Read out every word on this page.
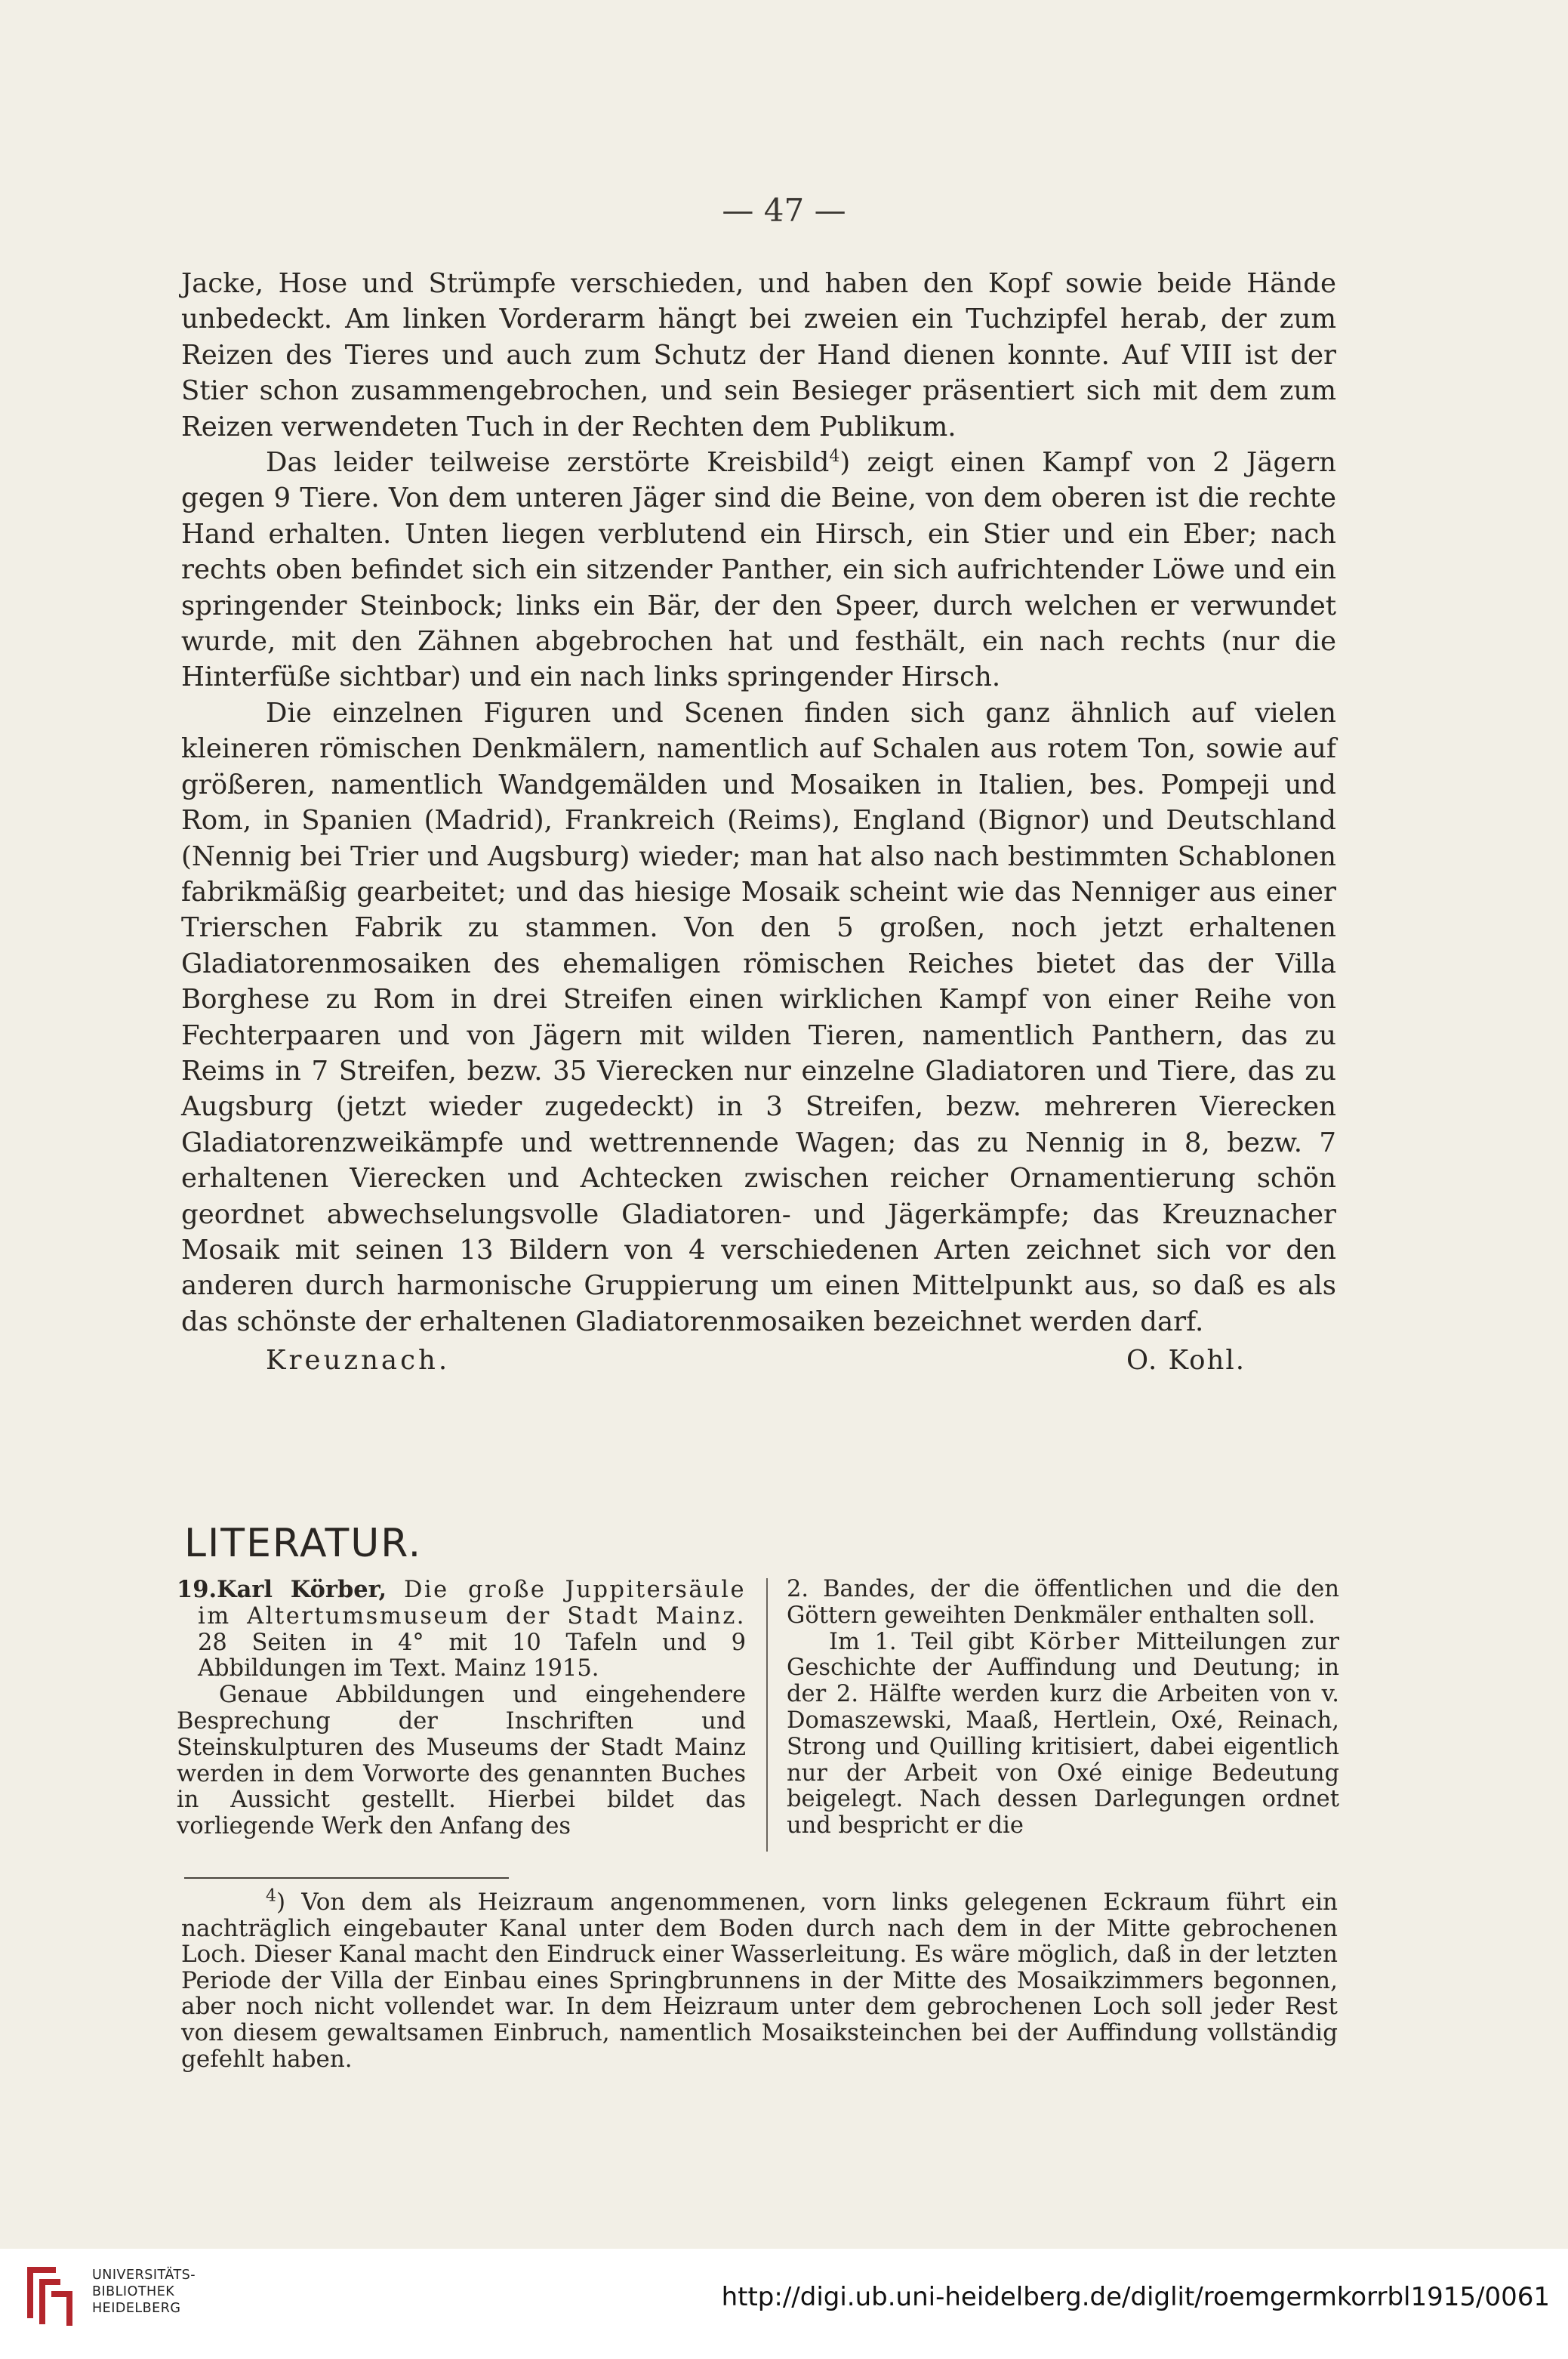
— 47 —

Jacke, Hose und Strümpfe verschieden, und haben den Kopf sowie beide Hände unbedeckt. Am linken Vorderarm hängt bei zweien ein Tuchzipfel herab, der zum Reizen des Tieres und auch zum Schutz der Hand dienen konnte. Auf VIII ist der Stier schon zusammengebrochen, und sein Besieger präsentiert sich mit dem zum Reizen verwendeten Tuch in der Rechten dem Publikum.

Das leider teilweise zerstörte Kreisbild$^4$) zeigt einen Kampf von 2 Jägern gegen 9 Tiere. Von dem unteren Jäger sind die Beine, von dem oberen ist die rechte Hand erhalten. Unten liegen verblutend ein Hirsch, ein Stier und ein Eber; nach rechts oben befindet sich ein sitzender Panther, ein sich aufrichtender Löwe und ein springender Steinbock; links ein Bär, der den Speer, durch welchen er verwundet wurde, mit den Zähnen abgebrochen hat und festhält, ein nach rechts (nur die Hinterfüße sichtbar) und ein nach links springender Hirsch.

Die einzelnen Figuren und Scenen finden sich ganz ähnlich auf vielen kleineren römischen Denkmälern, namentlich auf Schalen aus rotem Ton, sowie auf größeren, namentlich Wandgemälden und Mosaiken in Italien, bes. Pompeji und Rom, in Spanien (Madrid), Frankreich (Reims), England (Bignor) und Deutschland (Nennig bei Trier und Augsburg) wieder; man hat also nach bestimmten Schablonen fabrikmäßig gearbeitet; und das hiesige Mosaik scheint wie das Nenniger aus einer Trierschen Fabrik zu stammen. Von den 5 großen, noch jetzt erhaltenen Gladiatorenmosaiken des ehemaligen römischen Reiches bietet das der Villa Borghese zu Rom in drei Streifen einen wirklichen Kampf von einer Reihe von Fechterpaaren und von Jägern mit wilden Tieren, namentlich Panthern, das zu Reims in 7 Streifen, bezw. 35 Vierecken nur einzelne Gladiatoren und Tiere, das zu Augsburg (jetzt wieder zugedeckt) in 3 Streifen, bezw. mehreren Vierecken Gladiatorenzweikämpfe und wettrennende Wagen; das zu Nennig in 8, bezw. 7 erhaltenen Vierecken und Achtecken zwischen reicher Ornamentierung schön geordnet abwechselungsvolle Gladiatoren- und Jägerkämpfe; das Kreuznacher Mosaik mit seinen 13 Bildern von 4 verschiedenen Arten zeichnet sich vor den anderen durch harmonische Gruppierung um einen Mittelpunkt aus, so daß es als das schönste der erhaltenen Gladiatorenmosaiken bezeichnet werden darf.

Kreuznach.	O. Kohl.
LITERATUR.

19.Karl Körber, Die große Juppitersäule im Altertumsmuseum der Stadt Mainz. 28 Seiten in 4° mit 10 Tafeln und 9 Abbildungen im Text. Mainz 1915.

Genaue Abbildungen und eingehendere Besprechung der Inschriften und Steinskulpturen des Museums der Stadt Mainz werden in dem Vorworte des genannten Buches in Aussicht gestellt. Hierbei bildet das vorliegende Werk den Anfang des

2. Bandes, der die öffentlichen und die den Göttern geweihten Denkmäler enthalten soll.

Im 1. Teil gibt Körber Mitteilungen zur Geschichte der Auffindung und Deutung; in der 2. Hälfte werden kurz die Arbeiten von v. Domaszewski, Maaß, Hertlein, Oxé, Reinach, Strong und Quilling kritisiert, dabei eigentlich nur der Arbeit von Oxé einige Bedeutung beigelegt. Nach dessen Darlegungen ordnet und bespricht er die

$^4$) Von dem als Heizraum angenommenen, vorn links gelegenen Eckraum führt ein nachträglich eingebauter Kanal unter dem Boden durch nach dem in der Mitte gebrochenen Loch. Dieser Kanal macht den Eindruck einer Wasserleitung. Es wäre möglich, daß in der letzten Periode der Villa der Einbau eines Springbrunnens in der Mitte des Mosaikzimmers begonnen, aber noch nicht vollendet war. In dem Heizraum unter dem gebrochenen Loch soll jeder Rest von diesem gewaltsamen Einbruch, namentlich Mosaiksteinchen bei der Auffindung vollständig gefehlt haben.

UNIVERSITÄTS-
BIBLIOTHEK
HEIDELBERG	http://digi.ub.uni-heidelberg.de/diglit/roemgermkorrbl1915/0061
